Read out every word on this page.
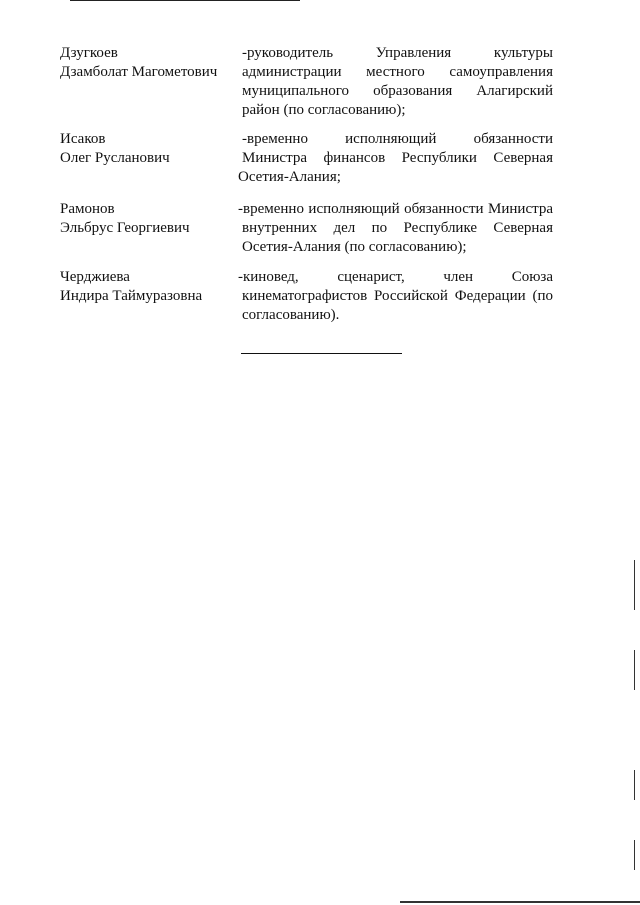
Дзугкоев
Дзамболат Магометович
-руководитель Управления культуры
администрации местного самоуправления
муниципального образования Алагирский
район (по согласованию);
Исаков
Олег Русланович
-временно исполняющий обязанности
Министра финансов Республики Северная
Осетия-Алания;
Рамонов
Эльбрус Георгиевич
-временно исполняющий обязанности Министра
внутренних дел по Республике Северная
Осетия-Алания (по согласованию);
Черджиева
Индира Таймуразовна
-киновед, сценарист, член Союза
кинематографистов Российской Федерации (по
согласованию).
